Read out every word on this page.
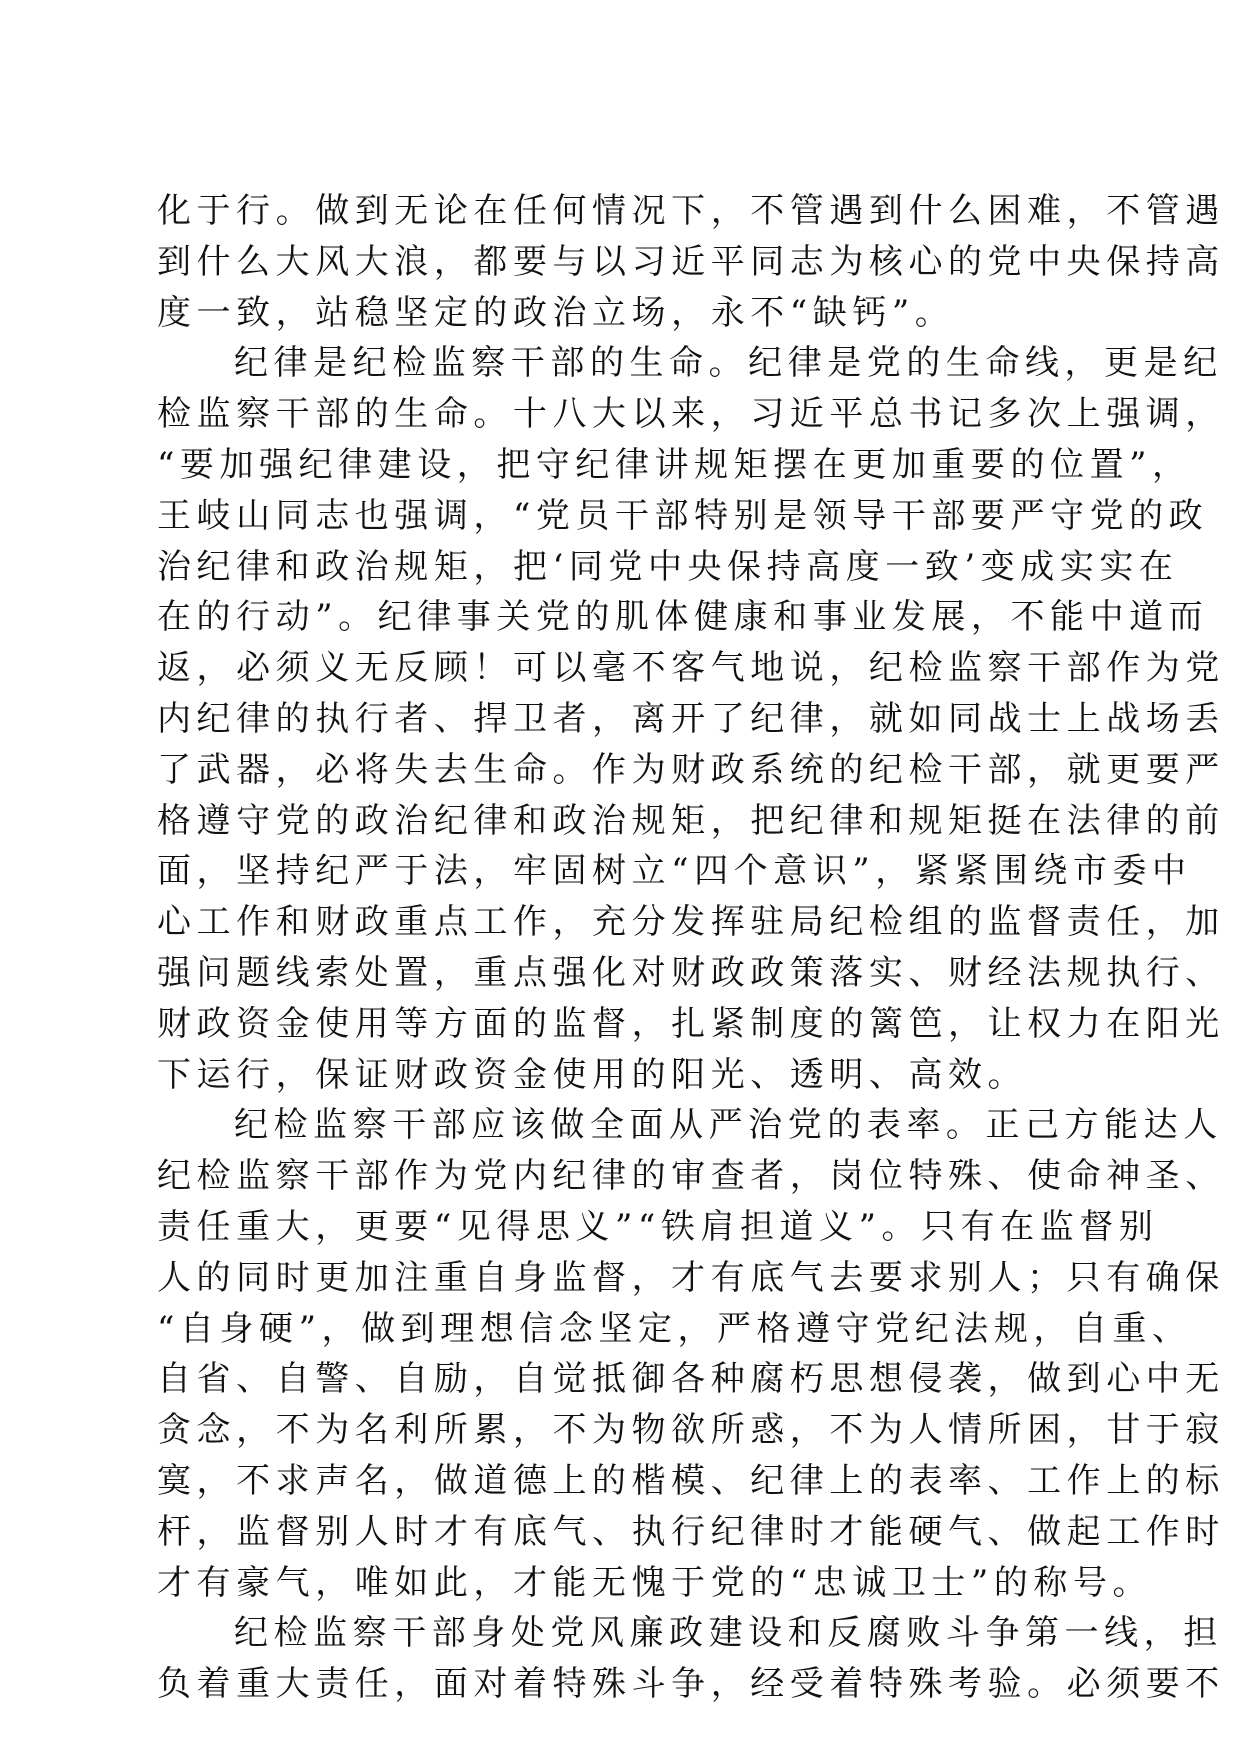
化于行。做到无论在任何情况下，不管遇到什么困难，不管遇
到什么大风大浪，都要与以习近平同志为核心的党中央保持高
度一致，站稳坚定的政治立场，永不“缺钙”。
纪律是纪检监察干部的生命。纪律是党的生命线，更是纪
检监察干部的生命。十八大以来，习近平总书记多次上强调，
“要加强纪律建设，把守纪律讲规矩摆在更加重要的位置”，
王岐山同志也强调，“党员干部特别是领导干部要严守党的政
治纪律和政治规矩，把‘同党中央保持高度一致’变成实实在
在的行动”。纪律事关党的肌体健康和事业发展，不能中道而
返，必须义无反顾！可以毫不客气地说，纪检监察干部作为党
内纪律的执行者、捍卫者，离开了纪律，就如同战士上战场丢
了武器，必将失去生命。作为财政系统的纪检干部，就更要严
格遵守党的政治纪律和政治规矩，把纪律和规矩挺在法律的前
面，坚持纪严于法，牢固树立“四个意识”，紧紧围绕市委中
心工作和财政重点工作，充分发挥驻局纪检组的监督责任，加
强问题线索处置，重点强化对财政政策落实、财经法规执行、
财政资金使用等方面的监督，扎紧制度的篱笆，让权力在阳光
下运行，保证财政资金使用的阳光、透明、高效。
纪检监察干部应该做全面从严治党的表率。正己方能达人
纪检监察干部作为党内纪律的审查者，岗位特殊、使命神圣、
责任重大，更要“见得思义”“铁肩担道义”。只有在监督别
人的同时更加注重自身监督，才有底气去要求别人；只有确保
“自身硬”，做到理想信念坚定，严格遵守党纪法规，自重、
自省、自警、自励，自觉抵御各种腐朽思想侵袭，做到心中无
贪念，不为名利所累，不为物欲所惑，不为人情所困，甘于寂
寞，不求声名，做道德上的楷模、纪律上的表率、工作上的标
杆，监督别人时才有底气、执行纪律时才能硬气、做起工作时
才有豪气，唯如此，才能无愧于党的“忠诚卫士”的称号。
纪检监察干部身处党风廉政建设和反腐败斗争第一线，担
负着重大责任，面对着特殊斗争，经受着特殊考验。必须要不
